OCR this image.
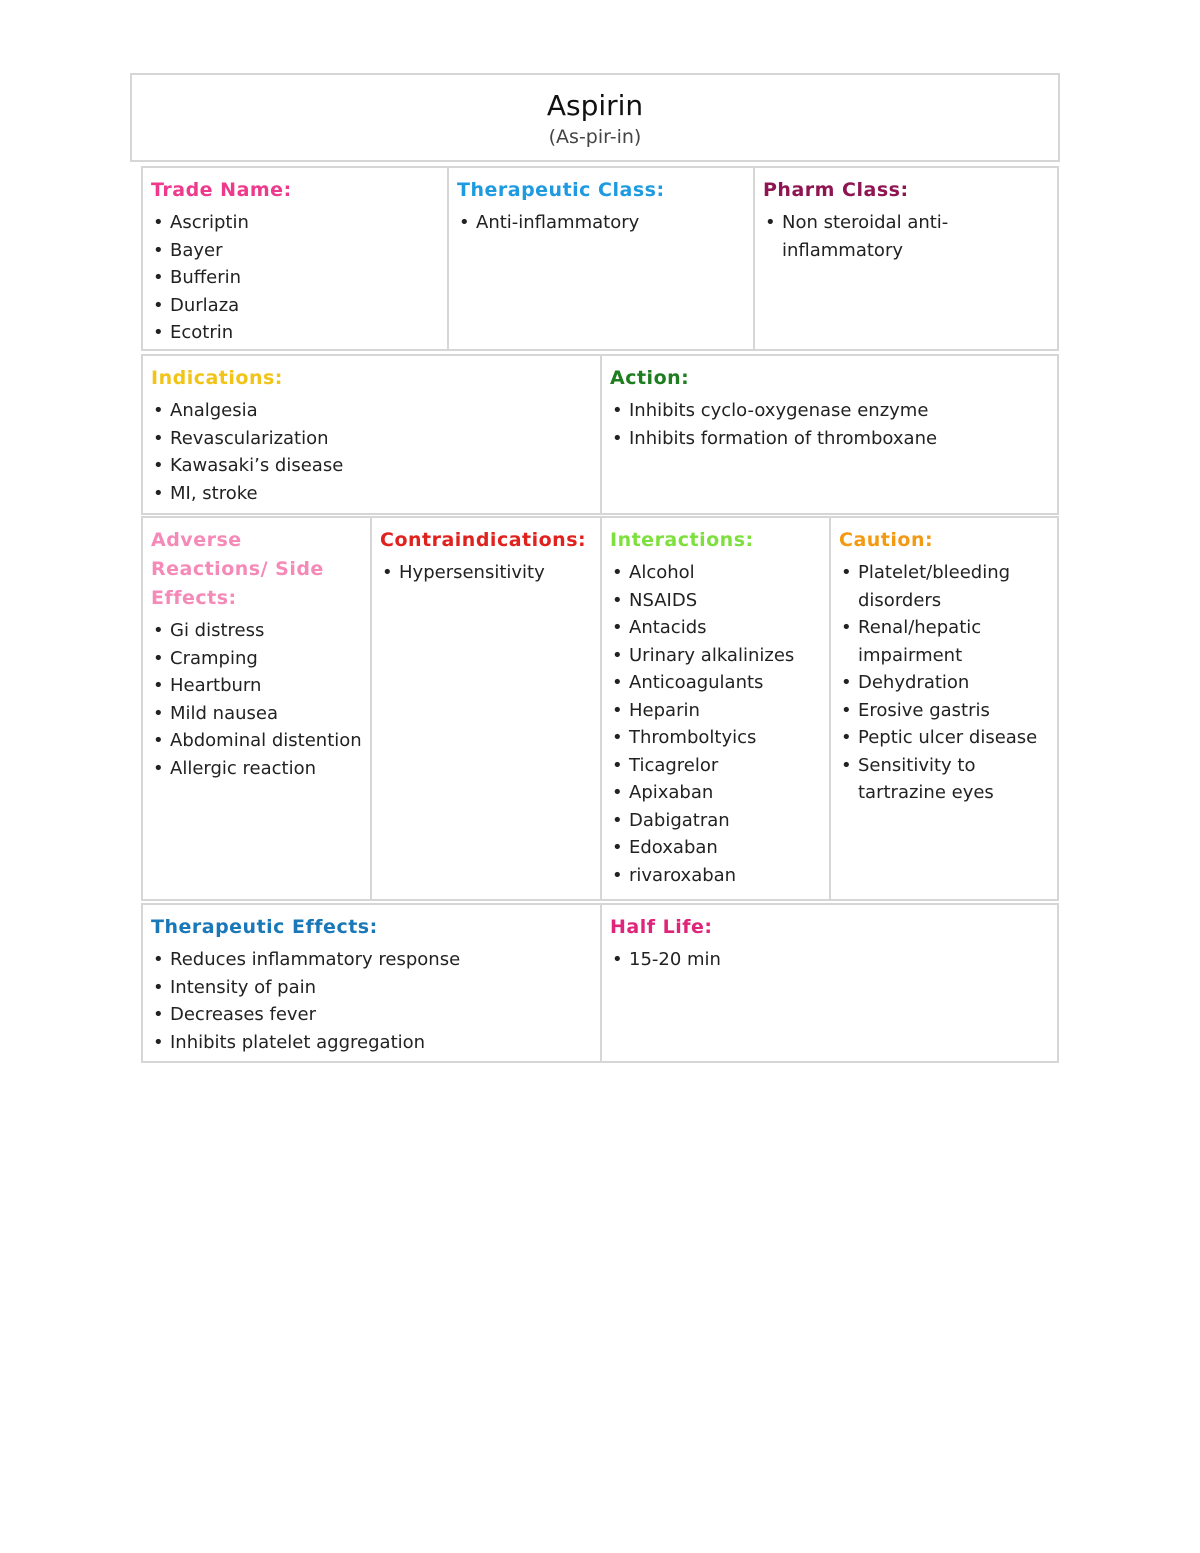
Aspirin
(As-pir-in)
Trade Name:
• Ascriptin
• Bayer
• Bufferin
• Durlaza
• Ecotrin
Therapeutic Class:
• Anti-inflammatory
Pharm Class:
• Non steroidal anti-inflammatory
Indications:
• Analgesia
• Revascularization
• Kawasaki’s disease
• MI, stroke
Action:
• Inhibits cyclo-oxygenase enzyme
• Inhibits formation of thromboxane
Adverse Reactions/ Side Effects:
• Gi distress
• Cramping
• Heartburn
• Mild nausea
• Abdominal distention
• Allergic reaction
Contraindications:
• Hypersensitivity
Interactions:
• Alcohol
• NSAIDS
• Antacids
• Urinary alkalinizes
• Anticoagulants
• Heparin
• Thromboltyics
• Ticagrelor
• Apixaban
• Dabigatran
• Edoxaban
• rivaroxaban
Caution:
• Platelet/bleeding disorders
• Renal/hepatic impairment
• Dehydration
• Erosive gastris
• Peptic ulcer disease
• Sensitivity to tartrazine eyes
Therapeutic Effects:
• Reduces inflammatory response
• Intensity of pain
• Decreases fever
• Inhibits platelet aggregation
Half Life:
• 15-20 min
